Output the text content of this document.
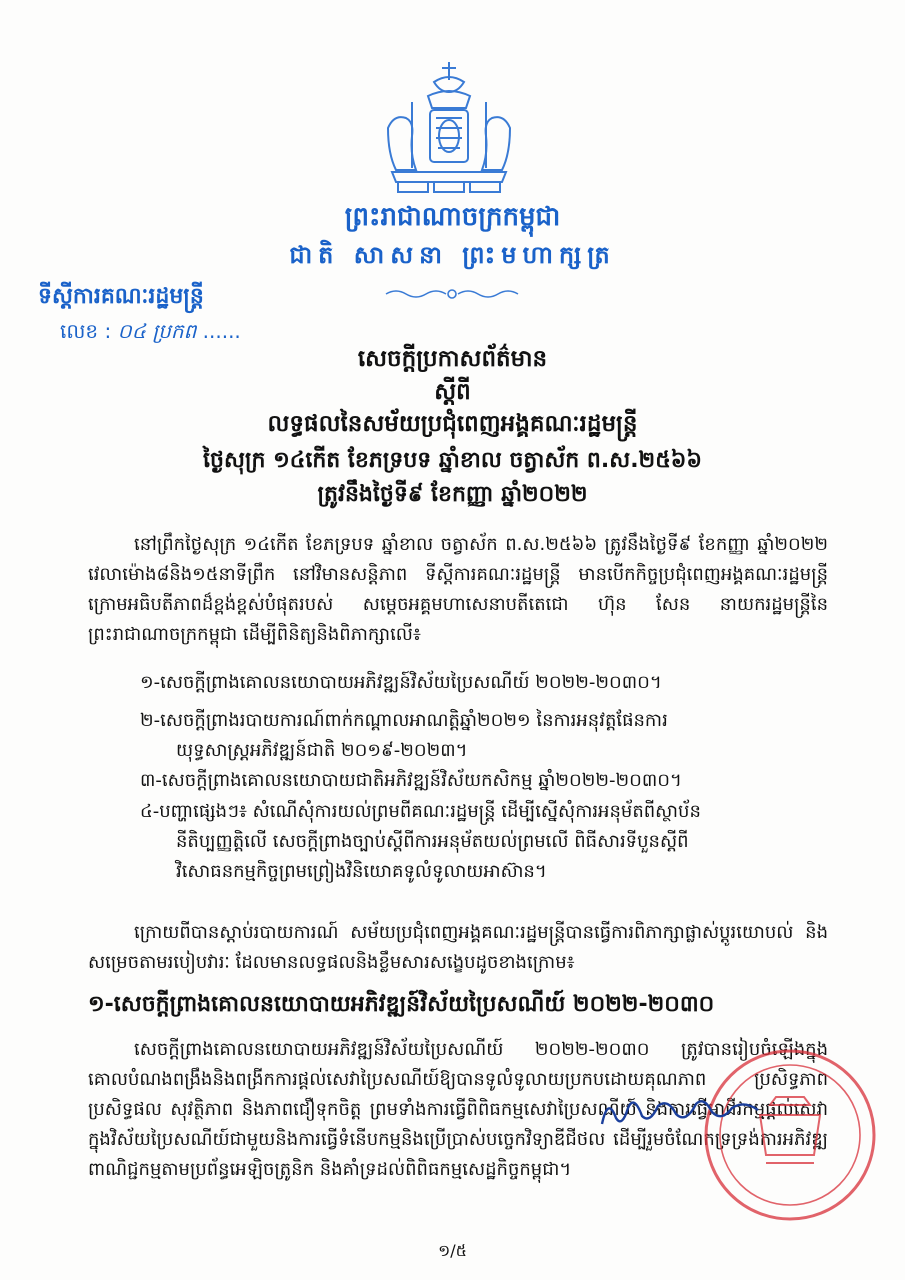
ព្រះរាជាណាចក្រកម្ពុជា
ជាតិ សាសនា ព្រះមហាក្សត្រ
ទីស្តីការគណៈរដ្ឋមន្ត្រី
លេខ : ០៤ ប្រកព ......
សេចក្តីប្រកាសព័ត៌មាន
ស្តីពី
លទ្ធផលនៃសម័យប្រជុំពេញអង្គគណៈរដ្ឋមន្ត្រី
ថ្ងៃសុក្រ ១៤កើត ខែភទ្របទ ឆ្នាំខាល ចត្វាស័ក ព.ស.២៥៦៦
ត្រូវនឹងថ្ងៃទី៩ ខែកញ្ញា ឆ្នាំ២០២២
នៅព្រឹកថ្ងៃសុក្រ ១៤កើត ខែភទ្របទ ឆ្នាំខាល ចត្វាស័ក ព.ស.២៥៦៦ ត្រូវនឹងថ្ងៃទី៩ ខែកញ្ញា ឆ្នាំ២០២២ វេលាម៉ោង៨និង១៥នាទីព្រឹក នៅវិមានសន្តិភាព ទីស្តីការគណៈរដ្ឋមន្ត្រី មានបើកកិច្ចប្រជុំពេញអង្គគណៈរដ្ឋមន្ត្រី ក្រោមអធិបតីភាពដ៏ខ្ពង់ខ្ពស់បំផុតរបស់ សម្តេចអគ្គមហាសេនាបតីតេជោ ហ៊ុន សែន នាយករដ្ឋមន្ត្រីនៃព្រះរាជាណាចក្រកម្ពុជា ដើម្បីពិនិត្យនិងពិភាក្សាលើ៖
១-សេចក្តីព្រាងគោលនយោបាយអភិវឌ្ឍន៍វិស័យប្រៃសណីយ៍ ២០២២-២០៣០។
២-សេចក្តីព្រាងរបាយការណ៍ពាក់កណ្តាលអាណត្តិឆ្នាំ២០២១ នៃការអនុវត្តផែនការ
យុទ្ធសាស្ត្រអភិវឌ្ឍន៍ជាតិ ២០១៩-២០២៣។
៣-សេចក្តីព្រាងគោលនយោបាយជាតិអភិវឌ្ឍន៍វិស័យកសិកម្ម ឆ្នាំ២០២២-២០៣០។
៤-បញ្ហាផ្សេងៗ៖ សំណើសុំការយល់ព្រមពីគណៈរដ្ឋមន្ត្រី ដើម្បីស្នើសុំការអនុម័តពីស្ថាប័ន
នីតិប្បញ្ញត្តិលើ សេចក្តីព្រាងច្បាប់ស្តីពីការអនុម័តយល់ព្រមលើ ពិធីសារទីបួនស្តីពី
វិសោធនកម្មកិច្ចព្រមព្រៀងវិនិយោគទូលំទូលាយអាស៊ាន។
ក្រោយពីបានស្តាប់របាយការណ៍ សម័យប្រជុំពេញអង្គគណៈរដ្ឋមន្ត្រីបានធ្វើការពិភាក្សាផ្លាស់ប្តូរយោបល់ និងសម្រេចតាមរបៀបវារៈ ដែលមានលទ្ធផលនិងខ្លឹមសារសង្ខេបដូចខាងក្រោម៖
១-សេចក្តីព្រាងគោលនយោបាយអភិវឌ្ឍន៍វិស័យប្រៃសណីយ៍ ២០២២-២០៣០
សេចក្តីព្រាងគោលនយោបាយអភិវឌ្ឍន៍វិស័យប្រៃសណីយ៍ ២០២២-២០៣០ ត្រូវបានរៀបចំឡើងក្នុងគោលបំណងពង្រឹងនិងពង្រីកការផ្តល់សេវាប្រៃសណីយ៍ឱ្យបានទូលំទូលាយប្រកបដោយគុណភាព ប្រសិទ្ធភាព ប្រសិទ្ធផល សុវត្ថិភាព និងភាពជឿទុកចិត្ត ព្រមទាំងការធ្វើពិពិធកម្មសេវាប្រៃសណីយ៍ និងការធ្វើអាជីវកម្មផ្តល់សេវាក្នុងវិស័យប្រៃសណីយ៍ជាមួយនិងការធ្វើទំនើបកម្មនិងប្រើប្រាស់បច្ចេកវិទ្យាឌីជីថល ដើម្បីរួមចំណែកទ្រទ្រង់ការអភិវឌ្ឍពាណិជ្ជកម្មតាមប្រព័ន្ធអេឡិចត្រូនិក និងគាំទ្រដល់ពិពិធកម្មសេដ្ឋកិច្ចកម្ពុជា។
១/៥
